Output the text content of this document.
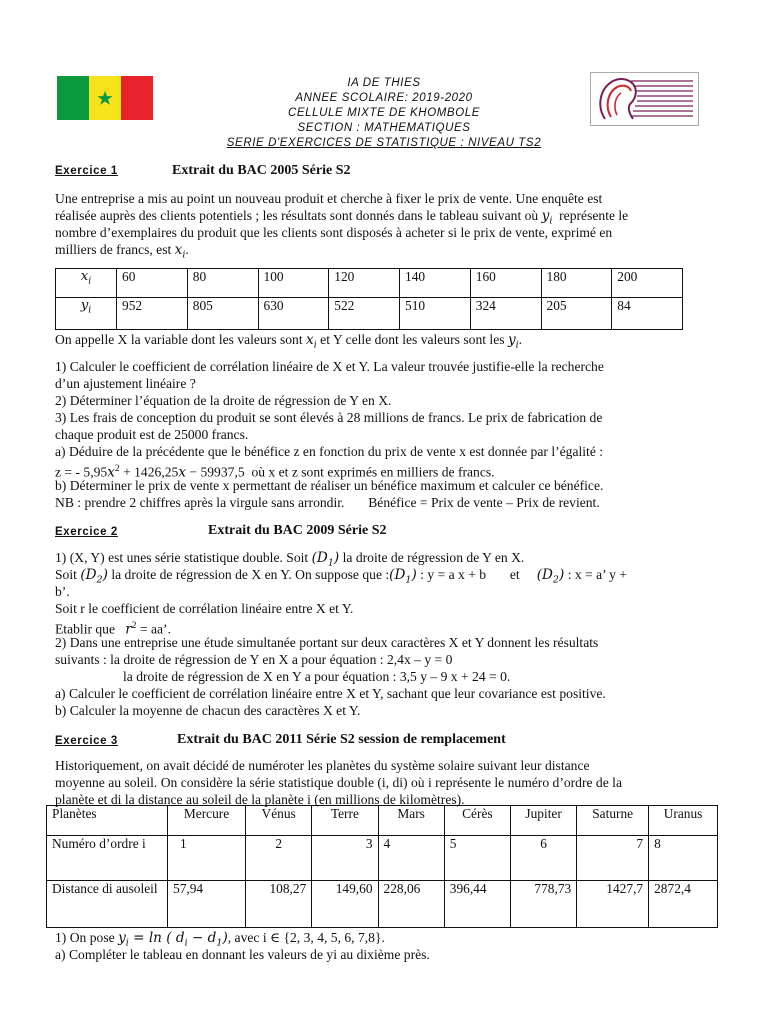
IA DE THIES
ANNEE SCOLAIRE: 2019-2020
CELLULE MIXTE DE KHOMBOLE
SECTION : MATHEMATIQUES
SERIE D'EXERCICES DE STATISTIQUE : NIVEAU TS2
Exercice 1	Extrait du BAC 2005 Série S2
Une entreprise a mis au point un nouveau produit et cherche à fixer le prix de vente. Une enquête est
réalisée auprès des clients potentiels ; les résultats sont donnés dans le tableau suivant où $y_i$ représente le
nombre d’exemplaires du produit que les clients sont disposés à acheter si le prix de vente, exprimé en
milliers de francs, est $x_i$.
$x_i$	60	80	100	120	140	160	180	200
$y_i$	952	805	630	522	510	324	205	84
On appelle X la variable dont les valeurs sont $x_i$ et Y celle dont les valeurs sont les $y_i$.
1) Calculer le coefficient de corrélation linéaire de X et Y. La valeur trouvée justifie-elle la recherche
d’un ajustement linéaire ?
2) Déterminer l’équation de la droite de régression de Y en X.
3) Les frais de conception du produit se sont élevés à 28 millions de francs. Le prix de fabrication de
chaque produit est de 25000 francs.
a) Déduire de la précédente que le bénéfice z en fonction du prix de vente x est donnée par l’égalité :
z = - $5,95x^2 + 1426,25x - 59937,5$ où x et z sont exprimés en milliers de francs.
b) Déterminer le prix de vente x permettant de réaliser un bénéfice maximum et calculer ce bénéfice.
NB : prendre 2 chiffres après la virgule sans arrondir. Bénéfice = Prix de vente – Prix de revient.
Exercice 2	Extrait du BAC 2009 Série S2
1) (X, Y) est unes série statistique double. Soit $(D_1)$ la droite de régression de Y en X.
Soit $(D_2)$ la droite de régression de X en Y. On suppose que $:(D_1)$ : y = a x + b et $(D_2)$ : x = a’ y +
b’.
Soit r le coefficient de corrélation linéaire entre X et Y.
Etablir que $r^2$ = aa’.
2) Dans une entreprise une étude simultanée portant sur deux caractères X et Y donnent les résultats
suivants : la droite de régression de Y en X a pour équation : 2,4x – y = 0
la droite de régression de X en Y a pour équation : 3,5 y – 9 x + 24 = 0.
a) Calculer le coefficient de corrélation linéaire entre X et Y, sachant que leur covariance est positive.
b) Calculer la moyenne de chacun des caractères X et Y.
Exercice 3	Extrait du BAC 2011 Série S2 session de remplacement
Historiquement, on avait décidé de numéroter les planètes du système solaire suivant leur distance
moyenne au soleil. On considère la série statistique double (i, di) où i représente le numéro d’ordre de la
planète et di la distance au soleil de la planète i (en millions de kilomètres).
Planètes	Mercure	Vénus	Terre	Mars	Cérès	Jupiter	Saturne	Uranus
Numéro d’ordre i	1	2	3	4	5	6	7	8
Distance di ausoleil	57,94	108,27	149,60	228,06	396,44	778,73	1427,7	2872,4
1) On pose $y_i = \ln$ ( $d_i - d_1$), avec i ∈ {2, 3, 4, 5, 6, 7,8}.
a) Compléter le tableau en donnant les valeurs de yi au dixième près.
